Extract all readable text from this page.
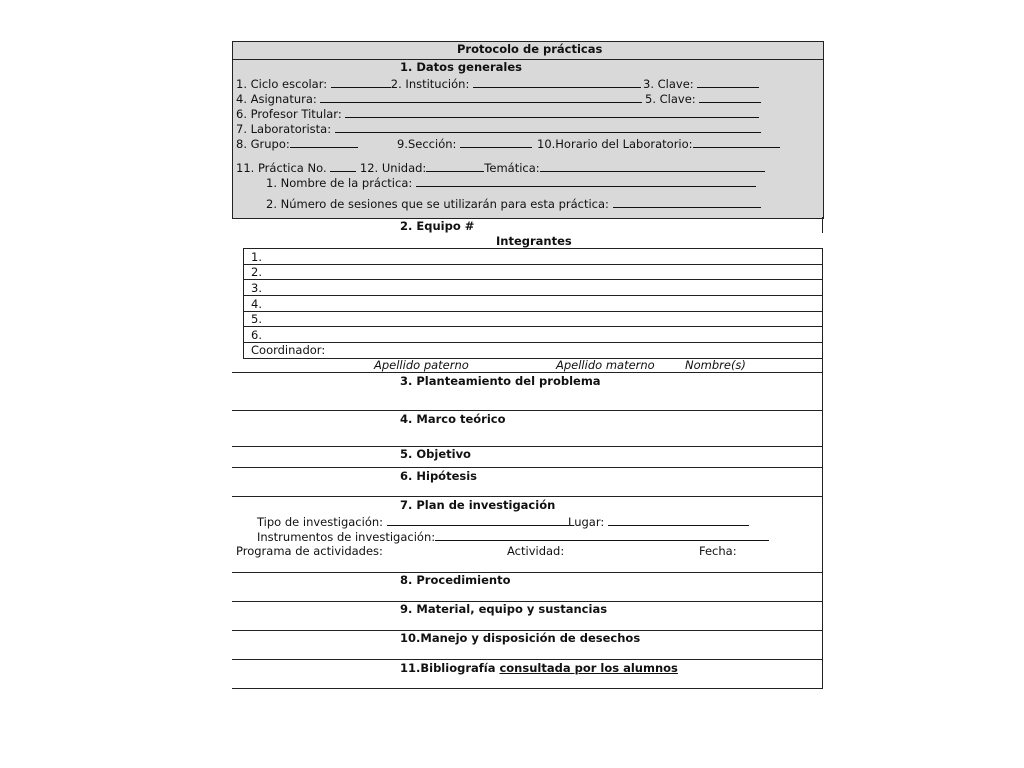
Protocolo de prácticas
1. Datos generales
1. Ciclo escolar:	2. Institución:	3. Clave:
4. Asignatura:	5. Clave:
6. Profesor Titular:
7. Laboratorista:
8. Grupo:	9.Sección:	10.Horario del Laboratorio:
11. Práctica No.	12. Unidad:	Temática:
1. Nombre de la práctica:
2. Número de sesiones que se utilizarán para esta práctica:
2. Equipo #
Integrantes
1.
2.
3.
4.
5.
6.
Coordinador:
Apellido paterno	Apellido materno	Nombre(s)
3. Planteamiento del problema
4. Marco teórico
5. Objetivo
6. Hipótesis
7. Plan de investigación
Tipo de investigación:	Lugar:
Instrumentos de investigación:
Programa de actividades:	Actividad:	Fecha:
8. Procedimiento
9. Material, equipo y sustancias
10.Manejo y disposición de desechos
11.Bibliografía consultada por los alumnos
